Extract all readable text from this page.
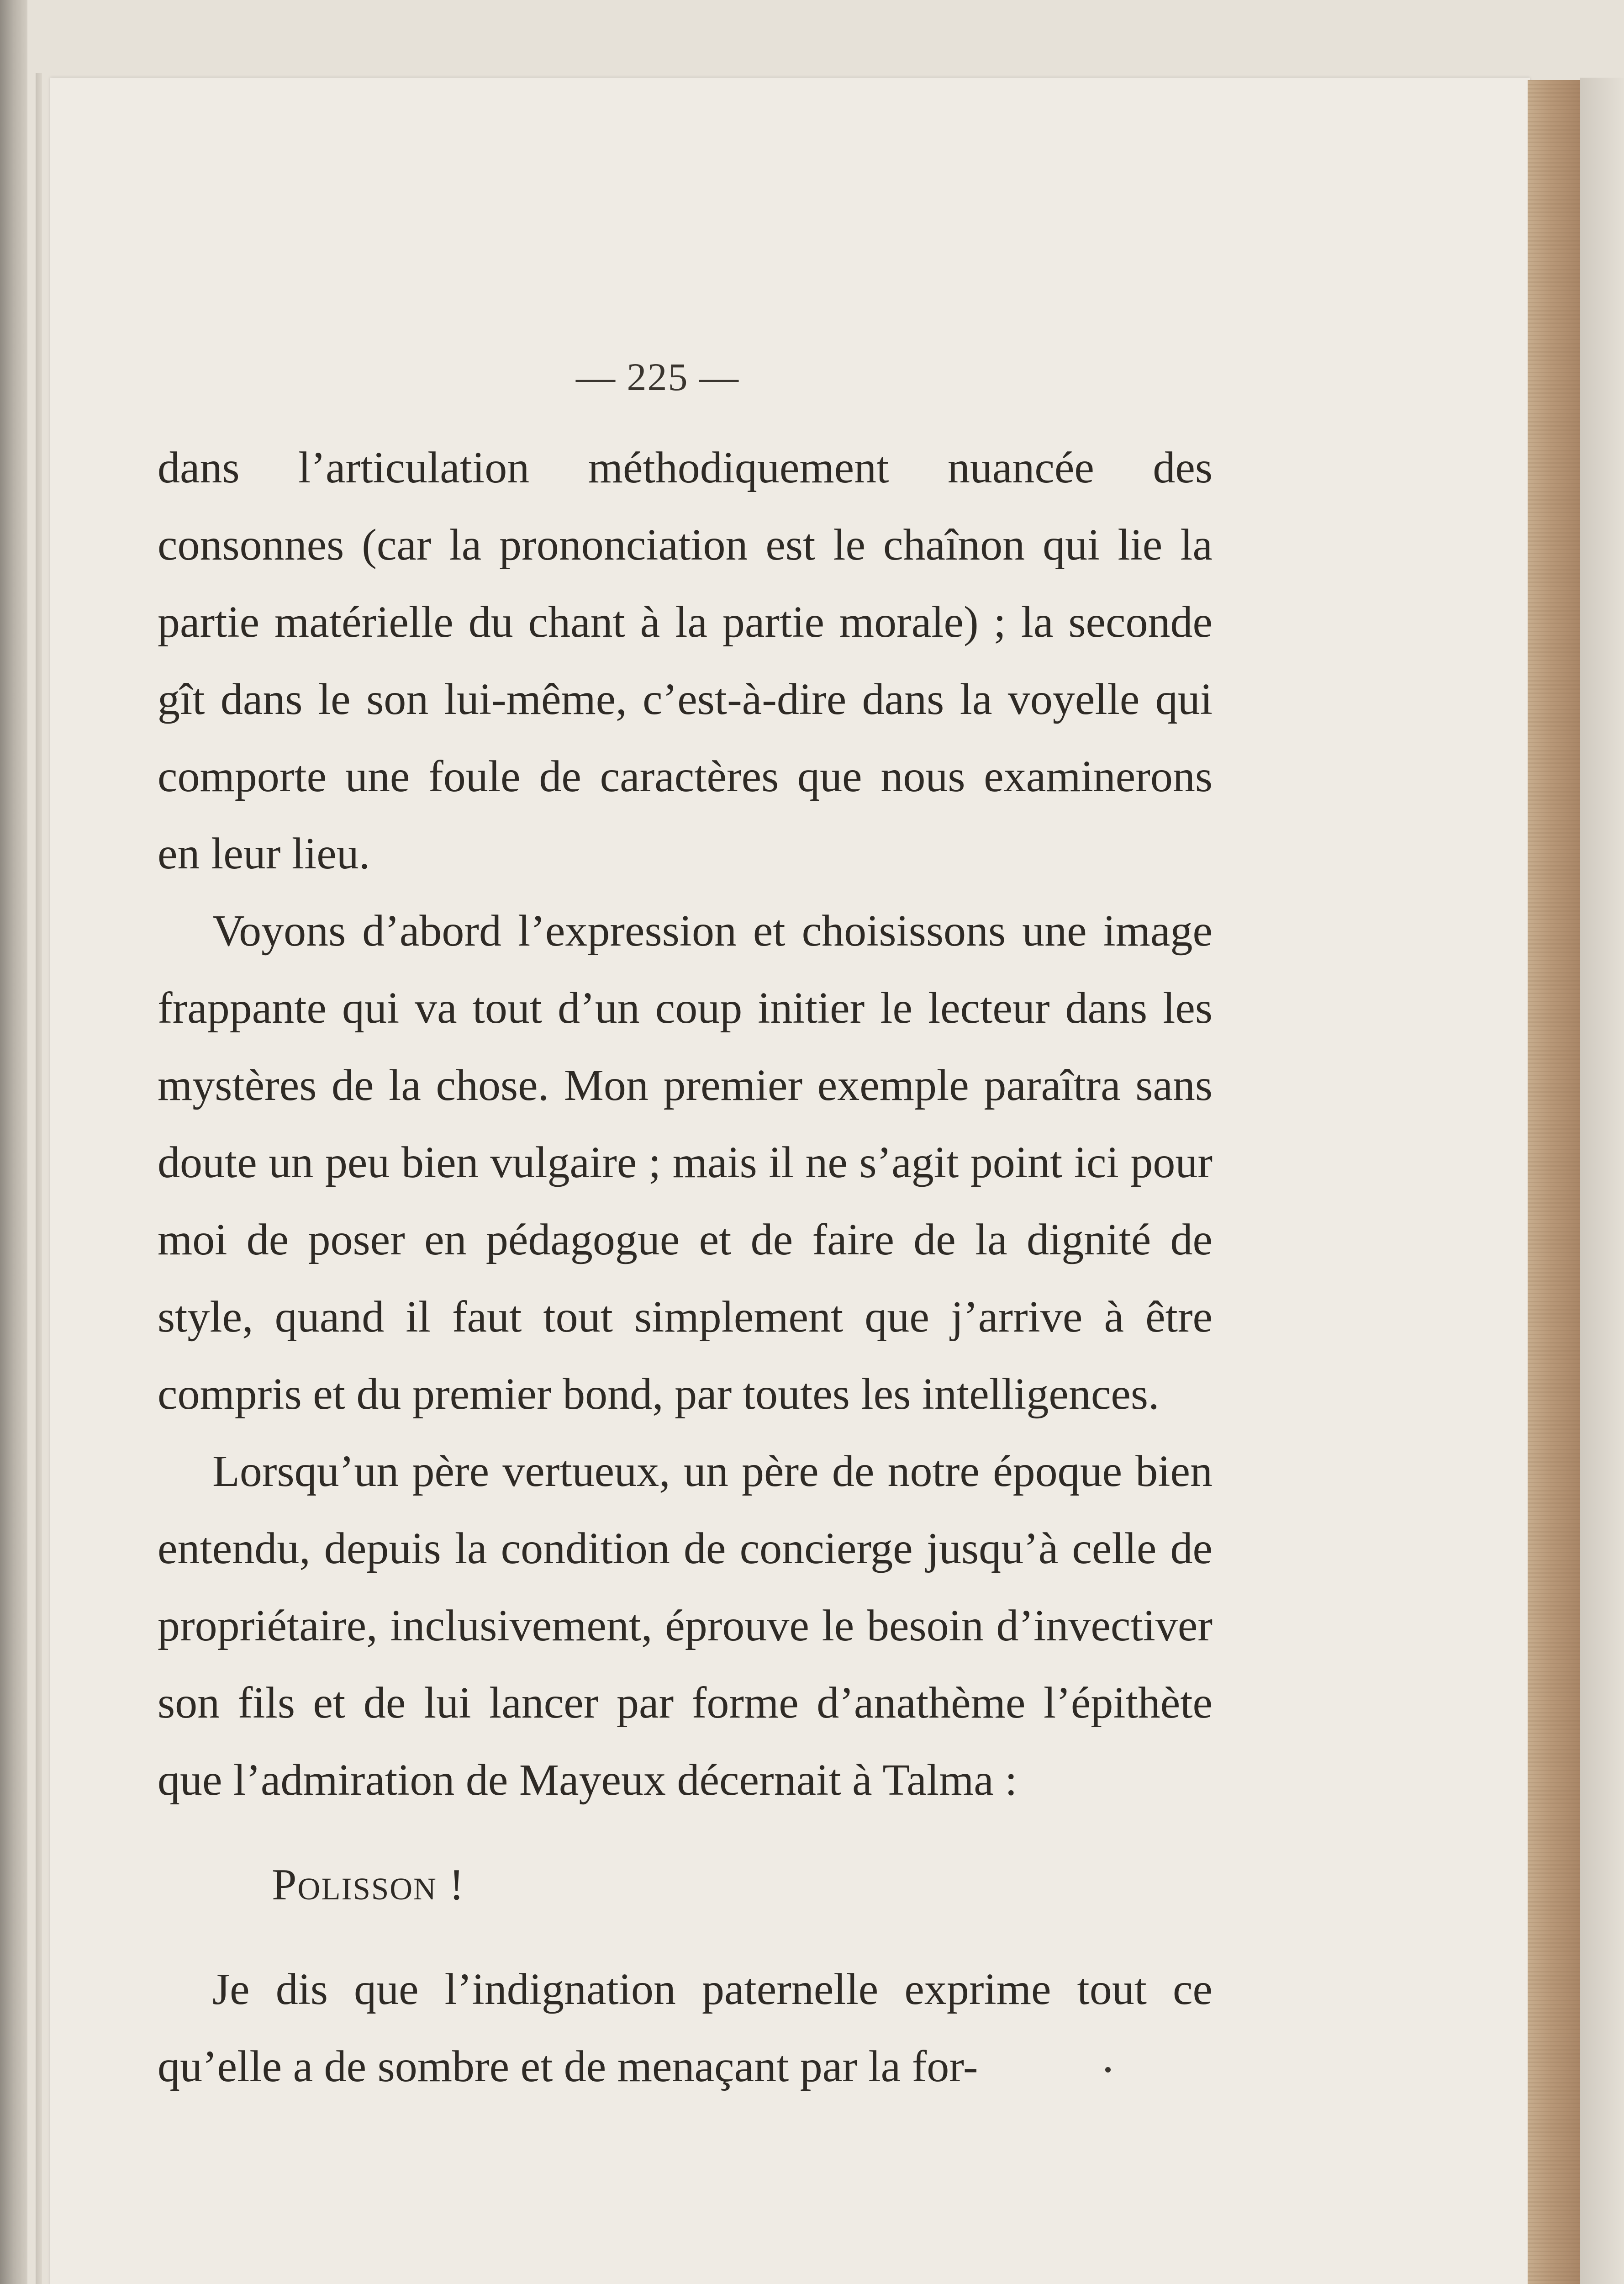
— 225 —

dans l’articulation méthodiquement nuancée des consonnes (car la prononciation est le chaînon qui lie la partie matérielle du chant à la partie morale) ; la seconde gît dans le son lui-même, c’est-à-dire dans la voyelle qui comporte une foule de caractères que nous examinerons en leur lieu.

Voyons d’abord l’expression et choisissons une image frappante qui va tout d’un coup initier le lecteur dans les mystères de la chose. Mon premier exemple paraîtra sans doute un peu bien vulgaire ; mais il ne s’agit point ici pour moi de poser en pédagogue et de faire de la dignité de style, quand il faut tout simplement que j’arrive à être compris et du premier bond, par toutes les intelligences.

Lorsqu’un père vertueux, un père de notre époque bien entendu, depuis la condition de concierge jusqu’à celle de propriétaire, inclusivement, éprouve le besoin d’invectiver son fils et de lui lancer par forme d’anathème l’épithète que l’admiration de Mayeux décernait à Talma :

Polisson !

Je dis que l’indignation paternelle exprime tout ce qu’elle a de sombre et de menaçant par la for-
